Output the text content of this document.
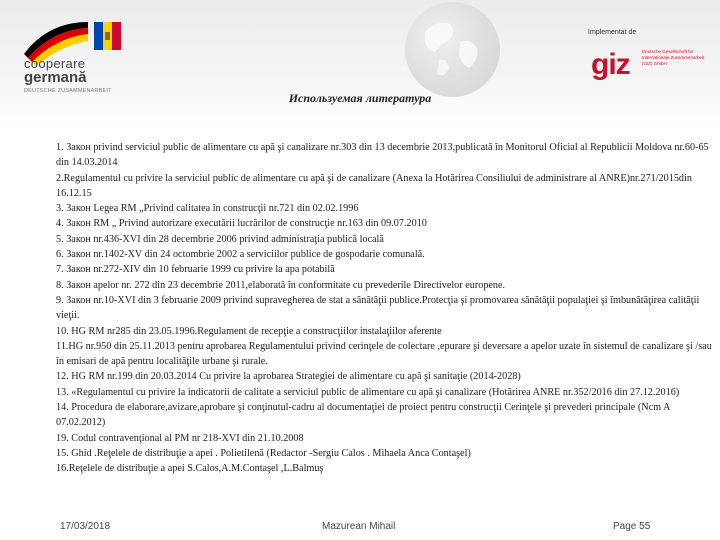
cooperare
germană
DEUTSCHE ZUSAMMENARBEIT
Implementat de
giz	Deutsche Gesellschaft für Internationale Zusammenarbeit (GIZ) GmbH
Используемая литература

1. Закон privind serviciul public de alimentare cu apă şi canalizare nr.303 din 13 decembrie 2013,publicată în Monitorul Oficial al Republicii Moldova nr.60-65 din 14.03.2014

2.Regulamentul cu privire la serviciul public de alimentare cu apă şi de canalizare (Anexa la Hotărirea Consiliului de administrare al ANRE)nr.271/2015din 16.12.15

3. Закон Legea RM „Privind calitatea în construcţii nr.721 din 02.02.1996

4. Закон RM „ Privind autorizare executării lucrărilor de construcţie nr.163 din 09.07.2010

5. Закон nr.436-XVI din 28 decembrie 2006 privind administraţia publică locală

6. Закон nr.1402-XV din 24 octombrie 2002 a serviciilor publice de gospodarie comunală.

7. Закон nr.272-XIV din 10 februarie 1999 cu privire la apa potabilă

8. Закон apelor nr. 272 din 23 decembrie 2011,elaborată în conformitate cu prevederile Directivelor europene.

9. Закон nr.10-XVI din 3 februarie 2009 privind supravegherea de stat a sănătăţii publice.Protecţia şi promovarea sănătăţii populaţiei şi îmbunătăţirea calităţii vieţii.

10. HG RM nr285 din 23.05.1996.Regulament de recepţie a construcţiilor instalaţiilor aferente

11.HG nr.950 din 25.11.2013 pentru aprobarea Regulamentului privind cerinţele de colectare ,epurare şi deversare a apelor uzate în sistemul de canalizare şi /sau în emisari de apă pentru localităţile urbane şi rurale.

12. HG RM nr.199 din 20.03.2014 Cu privire la aprobarea Strategiei de alimentare cu apă şi sanitaţie (2014-2028)

13. «Regulamentul cu privire la indicatorii de calitate a serviciul public de alimentare cu apă şi canalizare (Hotărirea ANRE nr.352/2016 din 27.12.2016)

14. Procedura de elaborare,avizare,aprobare şi conţinutul-cadru al documentaţiei de proiect pentru construcţii Cerinţele şi prevederi principale (Ncm A 07.02.2012)

19. Codul contravenţional al PM nr 218-XVI din 21.10.2008

15. Ghid .Reţelele de distribuţie a apei . Polietilenă (Redactor -Sergiu Calos . Mihaela Anca Contaşel)

16.Reţelele de distribuţie a apei S.Calos,A.M.Contaşel ,L.Balmuş

17/03/2018	Mazurean Mihail	Page 55
